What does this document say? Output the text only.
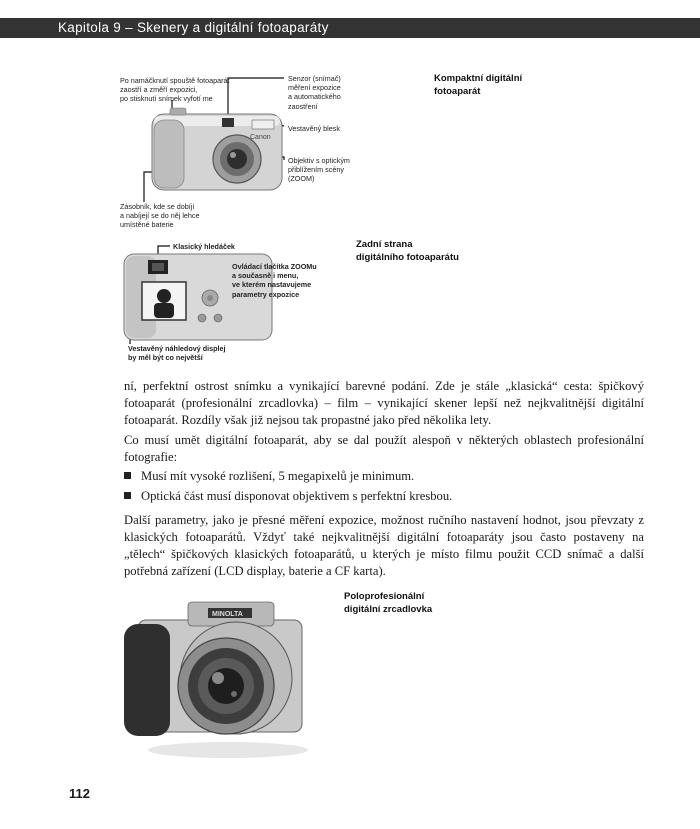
Kapitola 9 – Skenery a digitální fotoaparáty
Canon
Po namáčknutí spouště fotoaparát
zaostří a změří expozici,
po stisknutí snímek vyfotí me
Senzor (snímač)
měření expozice
a automatického
zaostření
Vestavěný blesk
Objektiv s optickým
přiblížením scény
(ZOOM)
Zásobník, kde se dobíjí
a nabíjejí se do něj lehce
umístěné baterie
Kompaktní digitální
fotoaparát
Klasický hledáček
Ovládací tlačítka ZOOMu
a současně i menu,
ve kterém nastavujeme
parametry expozice
Vestavěný náhledový displej
by měl být co největší
Zadní strana
digitálního fotoaparátu

ní, perfektní ostrost snímku a vynikající barevné podání. Zde je stále „klasická“ cesta: špičkový fotoaparát (profesionální zrcadlovka) – film – vynikající skener lepší než nejkvalitnější digitální fotoaparát. Rozdíly však již nejsou tak propastné jako před několika lety.

Co musí umět digitální fotoaparát, aby se dal použít alespoň v některých oblastech profesionální fotografie:

Musí mít vysoké rozlišení, 5 megapixelů je minimum.
Optická část musí disponovat objektivem s perfektní kresbou.

Další parametry, jako je přesné měření expozice, možnost ručního nastavení hodnot, jsou převzaty z klasických fotoaparátů. Vždyť také nejkvalitnější digitální fotoaparáty jsou často postaveny na „tělech“ špičkových klasických fotoaparátů, u kterých je místo filmu použit CCD snímač a další potřebná zařízení (LCD display, baterie a CF karta).

MINOLTA
Poloprofesionální
digitální zrcadlovka
112
